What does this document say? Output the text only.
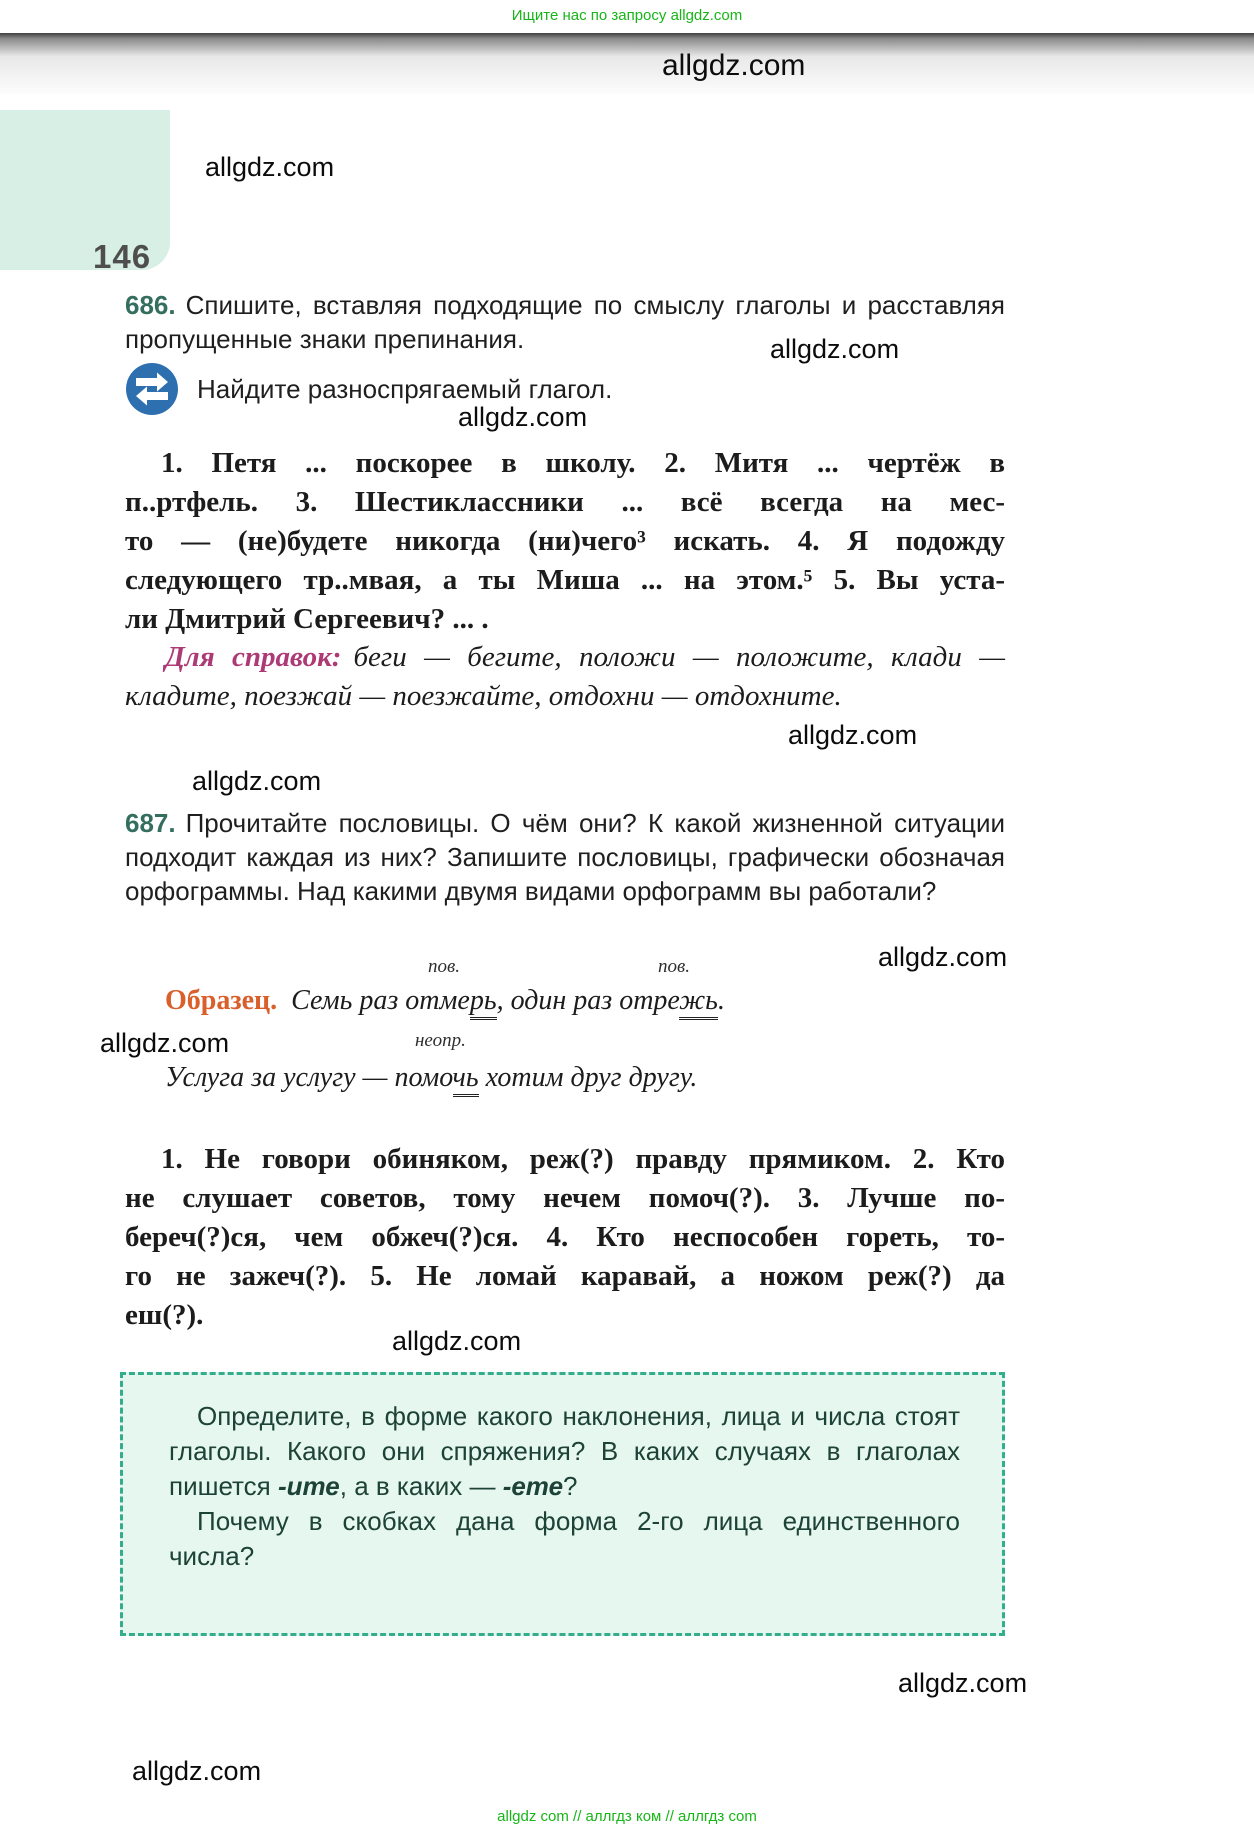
Ищите нас по запросу allgdz.com
allgdz.com
146
allgdz.com
allgdz.com
allgdz.com
allgdz.com
allgdz.com
allgdz.com
allgdz.com
allgdz.com
allgdz.com
allgdz.com
686. Спишите, вставляя подходящие по смыслу глаголы и расставляя пропущенные знаки препинания.
Найдите разноспрягаемый глагол.
1. Петя ... поскорее в школу. 2. Митя ... чертёж в
п..ртфель. 3. Шестиклассники ... всё всегда на мес-
то — (не)будете никогда (ни)чего³ искать. 4. Я подожду
следующего тр..мвая, а ты Миша ... на этом.⁵ 5. Вы уста-
ли Дмитрий Сергеевич? ... .
Для справок: беги — бегите, положи — положите, клади — кладите, поезжай — поезжайте, отдохни — отдохните.
687. Прочитайте пословицы. О чём они? К какой жизненной ситуации подходит каждая из них? Запишите пословицы, графически обозначая орфограммы. Над какими двумя видами орфограмм вы работали?
пов.	пов.
Образец. Семь раз отмерь, один раз отрежь.
неопр.
Услуга за услугу — помочь хотим друг другу.
1. Не говори обиняком, реж(?) правду прямиком. 2. Кто
не слушает советов, тому нечем помоч(?). 3. Лучше по-
береч(?)ся, чем обжеч(?)ся. 4. Кто неспособен гореть, то-
го не зажеч(?). 5. Не ломай каравай, а ножом реж(?) да
еш(?).

Определите, в форме какого наклонения, лица и числа стоят глаголы. Какого они спряжения? В каких случаях в глаголах пишется -ите, а в каких — -ете?

Почему в скобках дана форма 2-го лица единственного числа?

allgdz com // аллгдз ком // аллгдз com
